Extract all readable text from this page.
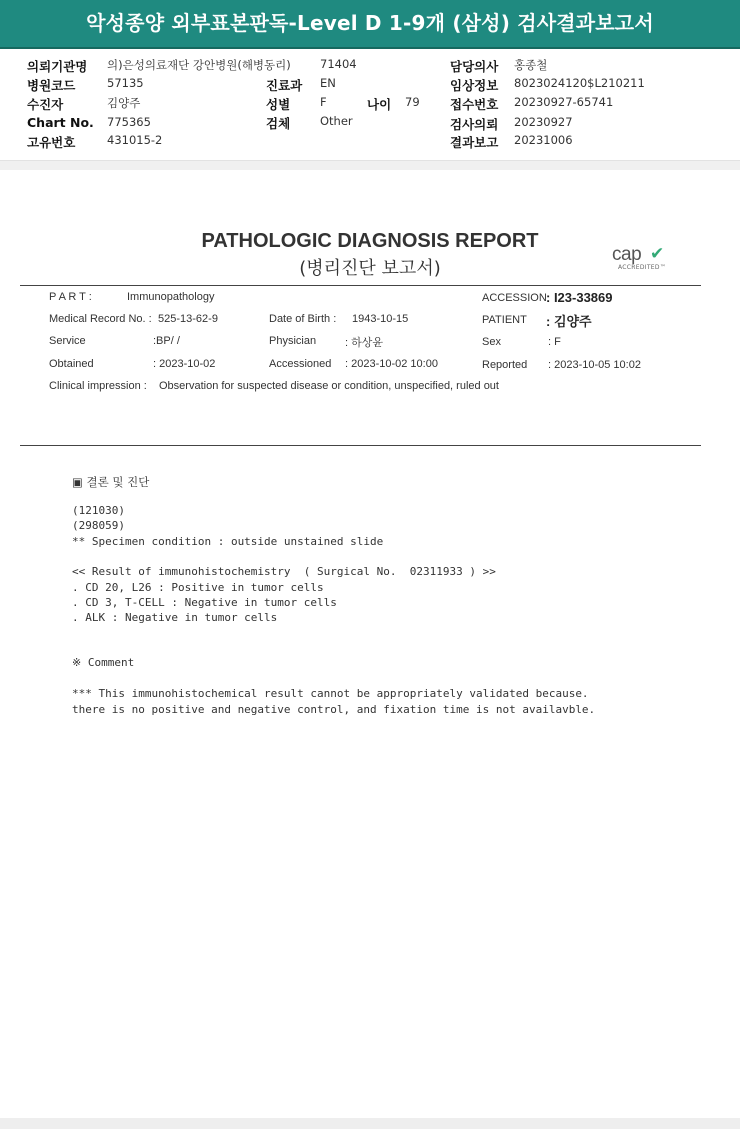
악성종양 외부표본판독-Level D 1-9개 (삼성) 검사결과보고서
의뢰기관명 의)은성의료재단 강안병원(해병동리)	71404	담당의사 홍종철
병원코드	57135	진료과 EN	임상정보 8023024120$L210211
수진자	김양주	성별	F	나이 79 접수번호 20230927-65741
Chart No. 775365	검체	Other	검사의뢰 20230927
고유번호	431015-2	결과보고 20231006
PATHOLOGIC DIAGNOSIS REPORT
(병리진단 보고서)
cap ✔
ACCREDITED™
P A R T :	Immunopathology	ACCESSION : I23-33869
Medical Record No. : 525-13-62-9	Date of Birth : 1943-10-15	PATIENT : 김양주
Service	:BP/ /	Physician	: 하상윤	Sex	: F
Obtained	: 2023-10-02	Accessioned : 2023-10-02 10:00	Reported : 2023-10-05 10:02
Clinical impression : Observation for suspected disease or condition, unspecified, ruled out
▣ 결론 및 진단
(121030)
(298059)
** Specimen condition : outside unstained slide
<< Result of immunohistochemistry  ( Surgical No.  02311933 ) >>
. CD 20, L26 : Positive in tumor cells
. CD 3, T-CELL : Negative in tumor cells
. ALK : Negative in tumor cells
※ Comment
*** This immunohistochemical result cannot be appropriately validated because.
there is no positive and negative control, and fixation time is not availavble.
